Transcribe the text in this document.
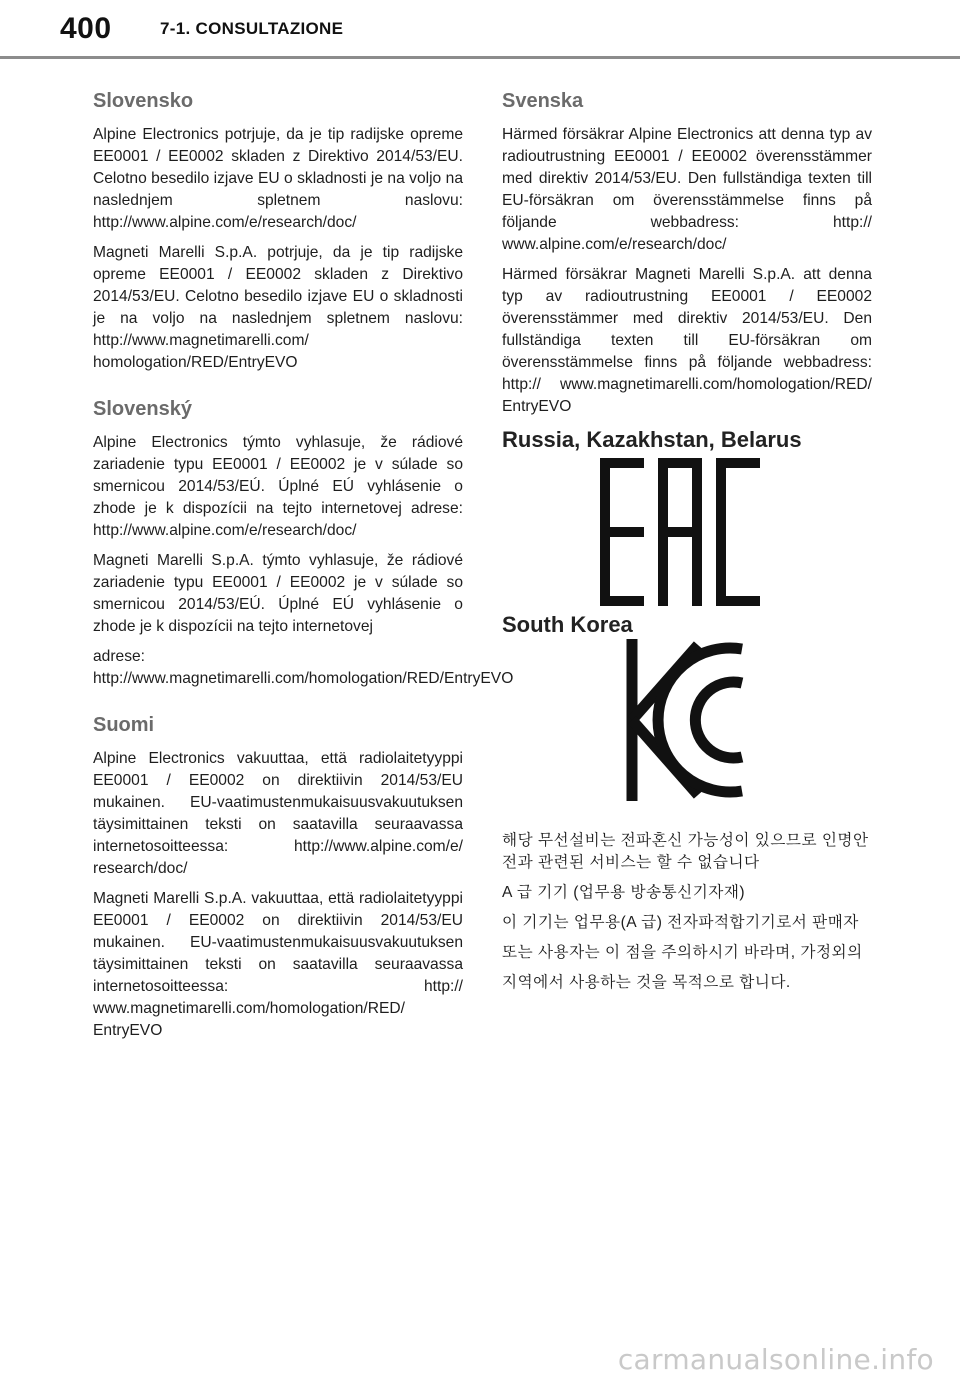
400	7-1. CONSULTAZIONE
Slovensko

Alpine Electronics potrjuje, da je tip radijske opreme EE0001 / EE0002 skladen z Direktivo 2014/53/EU. Celotno besedilo izjave EU o skladnosti je na voljo na naslednjem spletnem naslovu: http://www.alpine.com/e/research/doc/

Magneti Marelli S.p.A. potrjuje, da je tip radijske opreme EE0001 / EE0002 skladen z Direktivo 2014/53/EU. Celotno besedilo izjave EU o skladnosti je na voljo na naslednjem spletnem naslovu: http://www.magnetimarelli.com/ homologation/RED/EntryEVO

Slovenský

Alpine Electronics týmto vyhlasuje, že rádiové zariadenie typu EE0001 / EE0002 je v súlade so smernicou 2014/53/EÚ. Úplné EÚ vyhlásenie o zhode je k dispozícii na tejto internetovej adrese: http://www.alpine.com/e/research/doc/

Magneti Marelli S.p.A. týmto vyhlasuje, že rádiové zariadenie typu EE0001 / EE0002 je v súlade so smernicou 2014/53/EÚ. Úplné EÚ vyhlásenie o zhode je k dispozícii na tejto internetovej

adrese: http://www.magnetimarelli.com/homologation/RED/EntryEVO

Suomi

Alpine Electronics vakuuttaa, että radiolaitetyyppi EE0001 / EE0002 on direktiivin 2014/53/EU mukainen. EU-vaatimustenmukaisuusvakuutuksen täysimittainen teksti on saatavilla seuraavassa internetosoitteessa: http://www.alpine.com/e/ research/doc/

Magneti Marelli S.p.A. vakuuttaa, että radiolaitetyyppi EE0001 / EE0002 on direktiivin 2014/53/EU mukainen. EU-vaatimustenmukaisuusvakuutuksen täysimittainen teksti on saatavilla seuraavassa internetosoitteessa: http:// www.magnetimarelli.com/homologation/RED/ EntryEVO

Svenska

Härmed försäkrar Alpine Electronics att denna typ av radioutrustning EE0001 / EE0002 överensstämmer med direktiv 2014/53/EU. Den fullständiga texten till EU-försäkran om överensstämmelse finns på följande webbadress: http:// www.alpine.com/e/research/doc/

Härmed försäkrar Magneti Marelli S.p.A. att denna typ av radioutrustning EE0001 / EE0002 överensstämmer med direktiv 2014/53/EU. Den fullständiga texten till EU-försäkran om överensstämmelse finns på följande webbadress: http:// www.magnetimarelli.com/homologation/RED/ EntryEVO

Russia, Kazakhstan, Belarus
South Korea

해당 무선설비는 전파혼신 가능성이 있으므로 인명안전과 관련된 서비스는 할 수 없습니다

A 급 기기 (업무용 방송통신기자재)

이 기기는 업무용(A 급) 전자파적합기기로서 판매자

또는 사용자는 이 점을 주의하시기 바라며, 가정외의

지역에서 사용하는 것을 목적으로 합니다.

carmanualsonline.info
